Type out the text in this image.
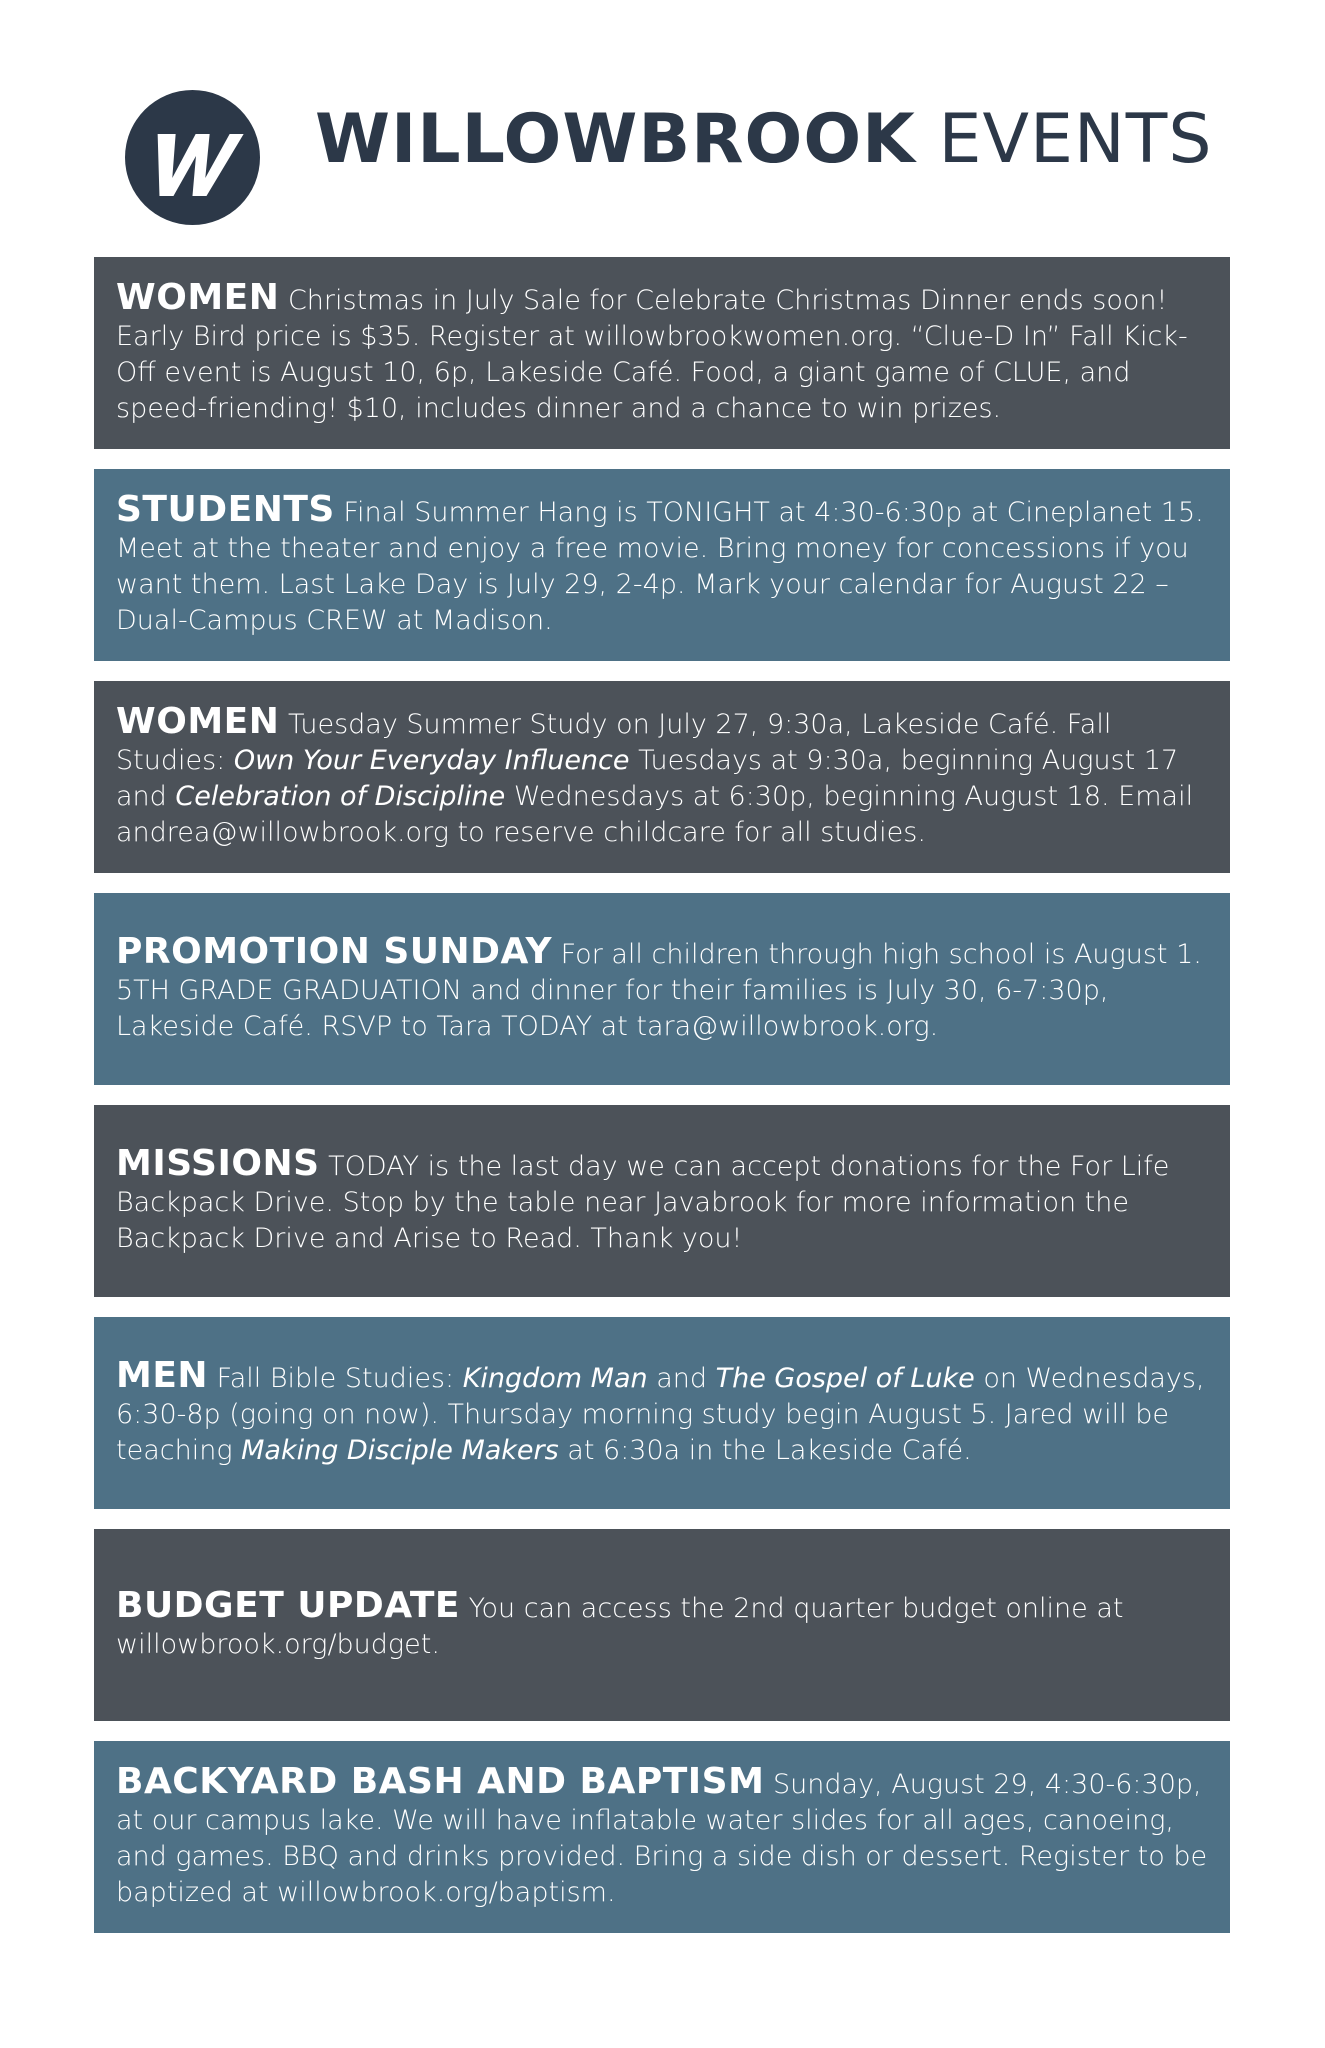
WILLOWBROOK EVENTS

WOMEN Christmas in July Sale for Celebrate Christmas Dinner ends soon! Early Bird price is $35. Register at willowbrookwomen.org. “Clue-D In” Fall Kick-Off event is August 10, 6p, Lakeside Café. Food, a giant game of CLUE, and speed-friending! $10, includes dinner and a chance to win prizes.

STUDENTS Final Summer Hang is TONIGHT at 4:30-6:30p at Cineplanet 15. Meet at the theater and enjoy a free movie. Bring money for concessions if you want them. Last Lake Day is July 29, 2-4p. Mark your calendar for August 22 – Dual-Campus CREW at Madison.

WOMEN Tuesday Summer Study on July 27, 9:30a, Lakeside Café. Fall Studies: Own Your Everyday Influence Tuesdays at 9:30a, beginning August 17 and Celebration of Discipline Wednesdays at 6:30p, beginning August 18. Email andrea@willowbrook.org to reserve childcare for all studies.

PROMOTION SUNDAY For all children through high school is August 1. 5TH GRADE GRADUATION and dinner for their families is July 30, 6-7:30p, Lakeside Café. RSVP to Tara TODAY at tara@willowbrook.org.

MISSIONS TODAY is the last day we can accept donations for the For Life Backpack Drive. Stop by the table near Javabrook for more information the Backpack Drive and Arise to Read. Thank you!

MEN Fall Bible Studies: Kingdom Man and The Gospel of Luke on Wednesdays, 6:30-8p (going on now). Thursday morning study begin August 5. Jared will be teaching Making Disciple Makers at 6:30a in the Lakeside Café.

BUDGET UPDATE You can access the 2nd quarter budget online at willowbrook.org/budget.

BACKYARD BASH AND BAPTISM Sunday, August 29, 4:30-6:30p, at our campus lake. We will have inflatable water slides for all ages, canoeing, and games. BBQ and drinks provided. Bring a side dish or dessert. Register to be baptized at willowbrook.org/baptism.
